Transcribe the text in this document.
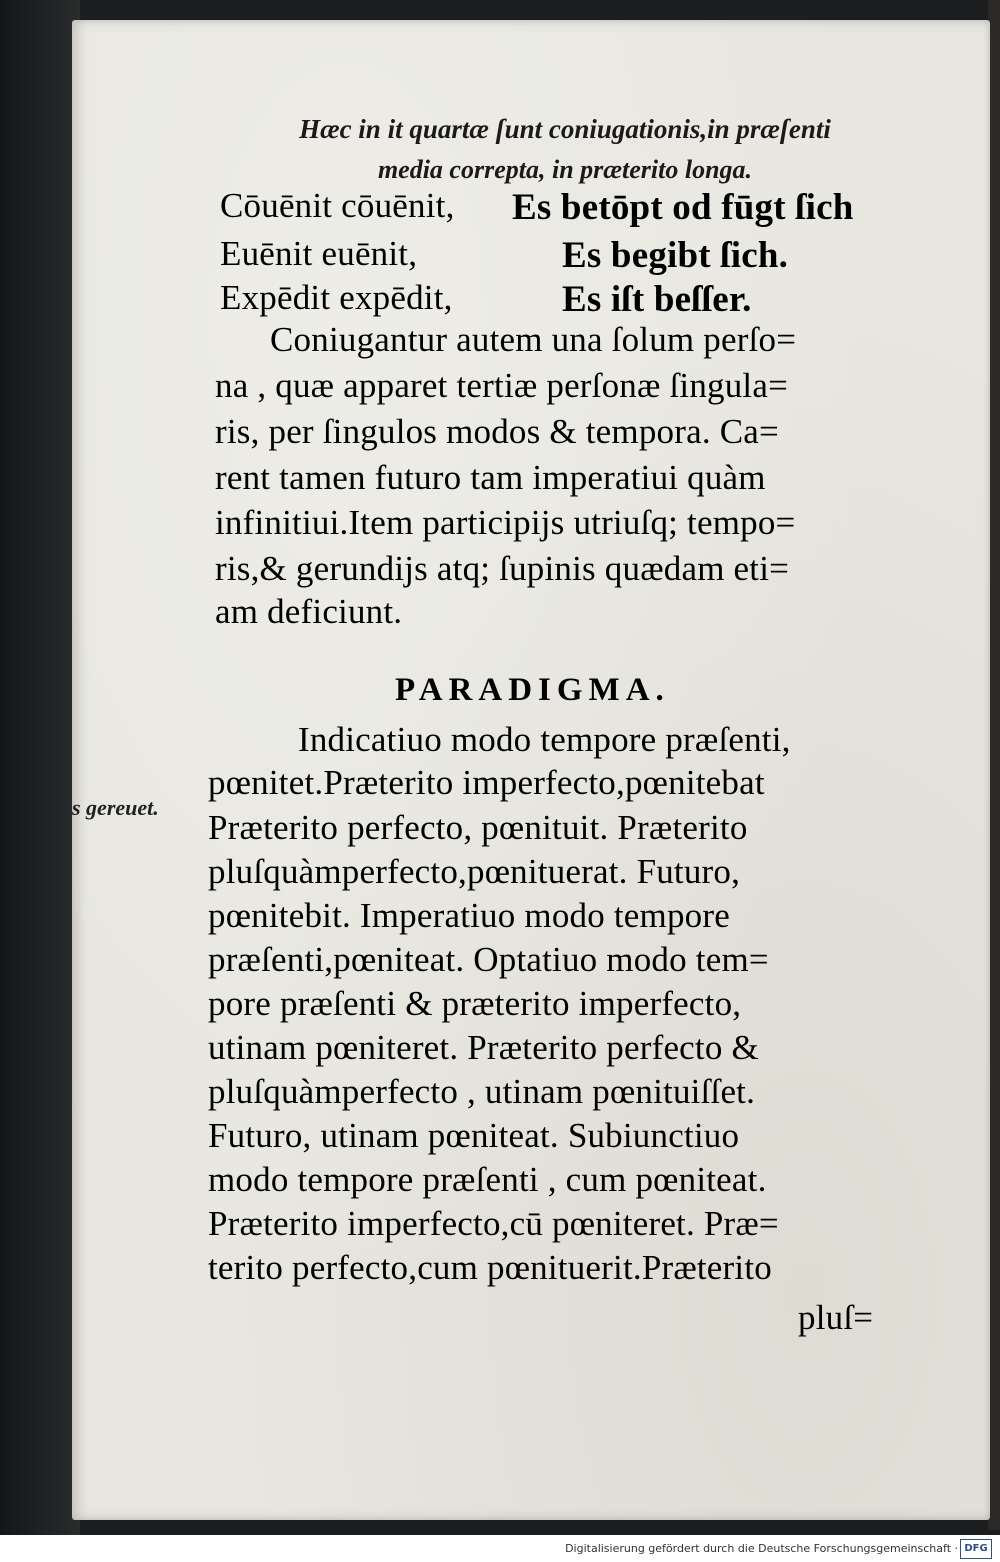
Hæc in it quartæ ſunt coniugationis,in præſenti
media correpta, in præterito longa.
Cōuēnit cōuēnit, Es betōpt od fūgt ſich
Euēnit euēnit,	Es begibt ſich.
Expēdit expēdit,	Es iſt beſſer.
Coniugantur autem una ſolum perſo=
na , quæ apparet tertiæ perſonæ ſingula=
ris, per ſingulos modos & tempora. Ca=
rent tamen futuro tam imperatiui quàm
infinitiui.Item participijs utriuſq; tempo=
ris,& gerundijs atq; ſupinis quædam eti=
am deficiunt.
PARADIGMA.
s gereuet.
Indicatiuo modo tempore præſenti,
pœnitet.Præterito imperfecto,pœnitebat
Præterito perfecto, pœnituit. Præterito
pluſquàmperfecto,pœnituerat. Futuro,
pœnitebit. Imperatiuo modo tempore
præſenti,pœniteat. Optatiuo modo tem=
pore præſenti & præterito imperfecto,
utinam pœniteret. Præterito perfecto &
pluſquàmperfecto , utinam pœnituiſſet.
Futuro, utinam pœniteat. Subiunctiuo
modo tempore præſenti , cum pœniteat.
Præterito imperfecto,cū pœniteret. Præ=
terito perfecto,cum pœnituerit.Præterito
pluſ=
Digitalisierung gefördert durch die Deutsche Forschungsgemeinschaft · DFG
